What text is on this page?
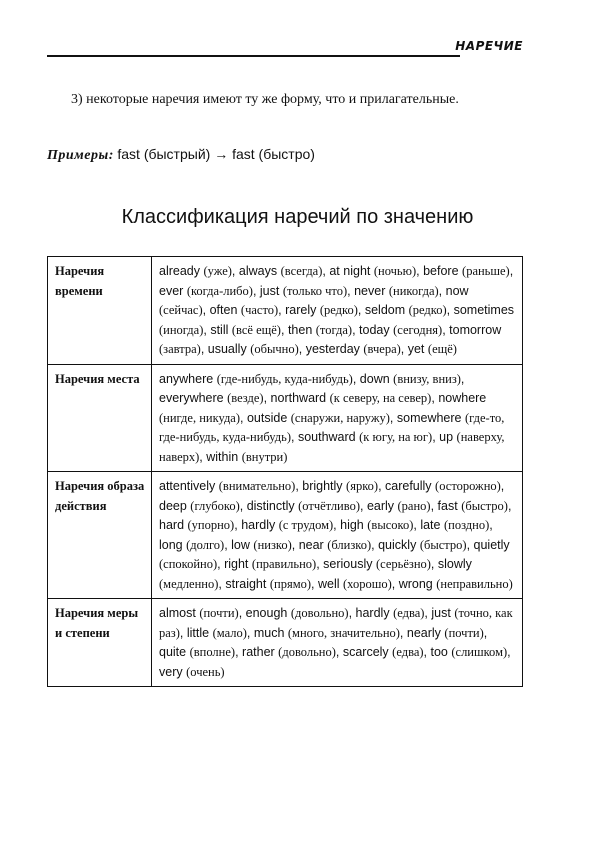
НАРЕЧИЕ
3) некоторые наречия имеют ту же форму, что и прилагательные.
Примеры: fast (быстрый) → fast (быстро)
Классификация наречий по значению
Наречия времени	already (уже), always (всегда), at night (ночью), before (раньше), ever (когда-либо), just (только что), never (никогда), now (сейчас), often (часто), rarely (редко), seldom (редко), sometimes (иногда), still (всё ещё), then (тогда), today (сегодня), tomorrow (завтра), usually (обычно), yesterday (вчера), yet (ещё)
Наречия места	anywhere (где-нибудь, куда-нибудь), down (внизу, вниз), everywhere (везде), northward (к северу, на север), nowhere (нигде, никуда), outside (снаружи, наружу), somewhere (где-то, где-нибудь, куда-нибудь), southward (к югу, на юг), up (наверху, наверх), within (внутри)
Наречия образа действия	attentively (внимательно), brightly (ярко), carefully (осторожно), deep (глубоко), distinctly (отчётливо), early (рано), fast (быстро), hard (упорно), hardly (с трудом), high (высоко), late (поздно), long (долго), low (низко), near (близко), quickly (быстро), quietly (спокойно), right (правильно), seriously (серьёзно), slowly (медленно), straight (прямо), well (хорошо), wrong (неправильно)
Наречия меры и степени	almost (почти), enough (довольно), hardly (едва), just (точно, как раз), little (мало), much (много, значительно), nearly (почти), quite (вполне), rather (довольно), scarcely (едва), too (слишком), very (очень)
